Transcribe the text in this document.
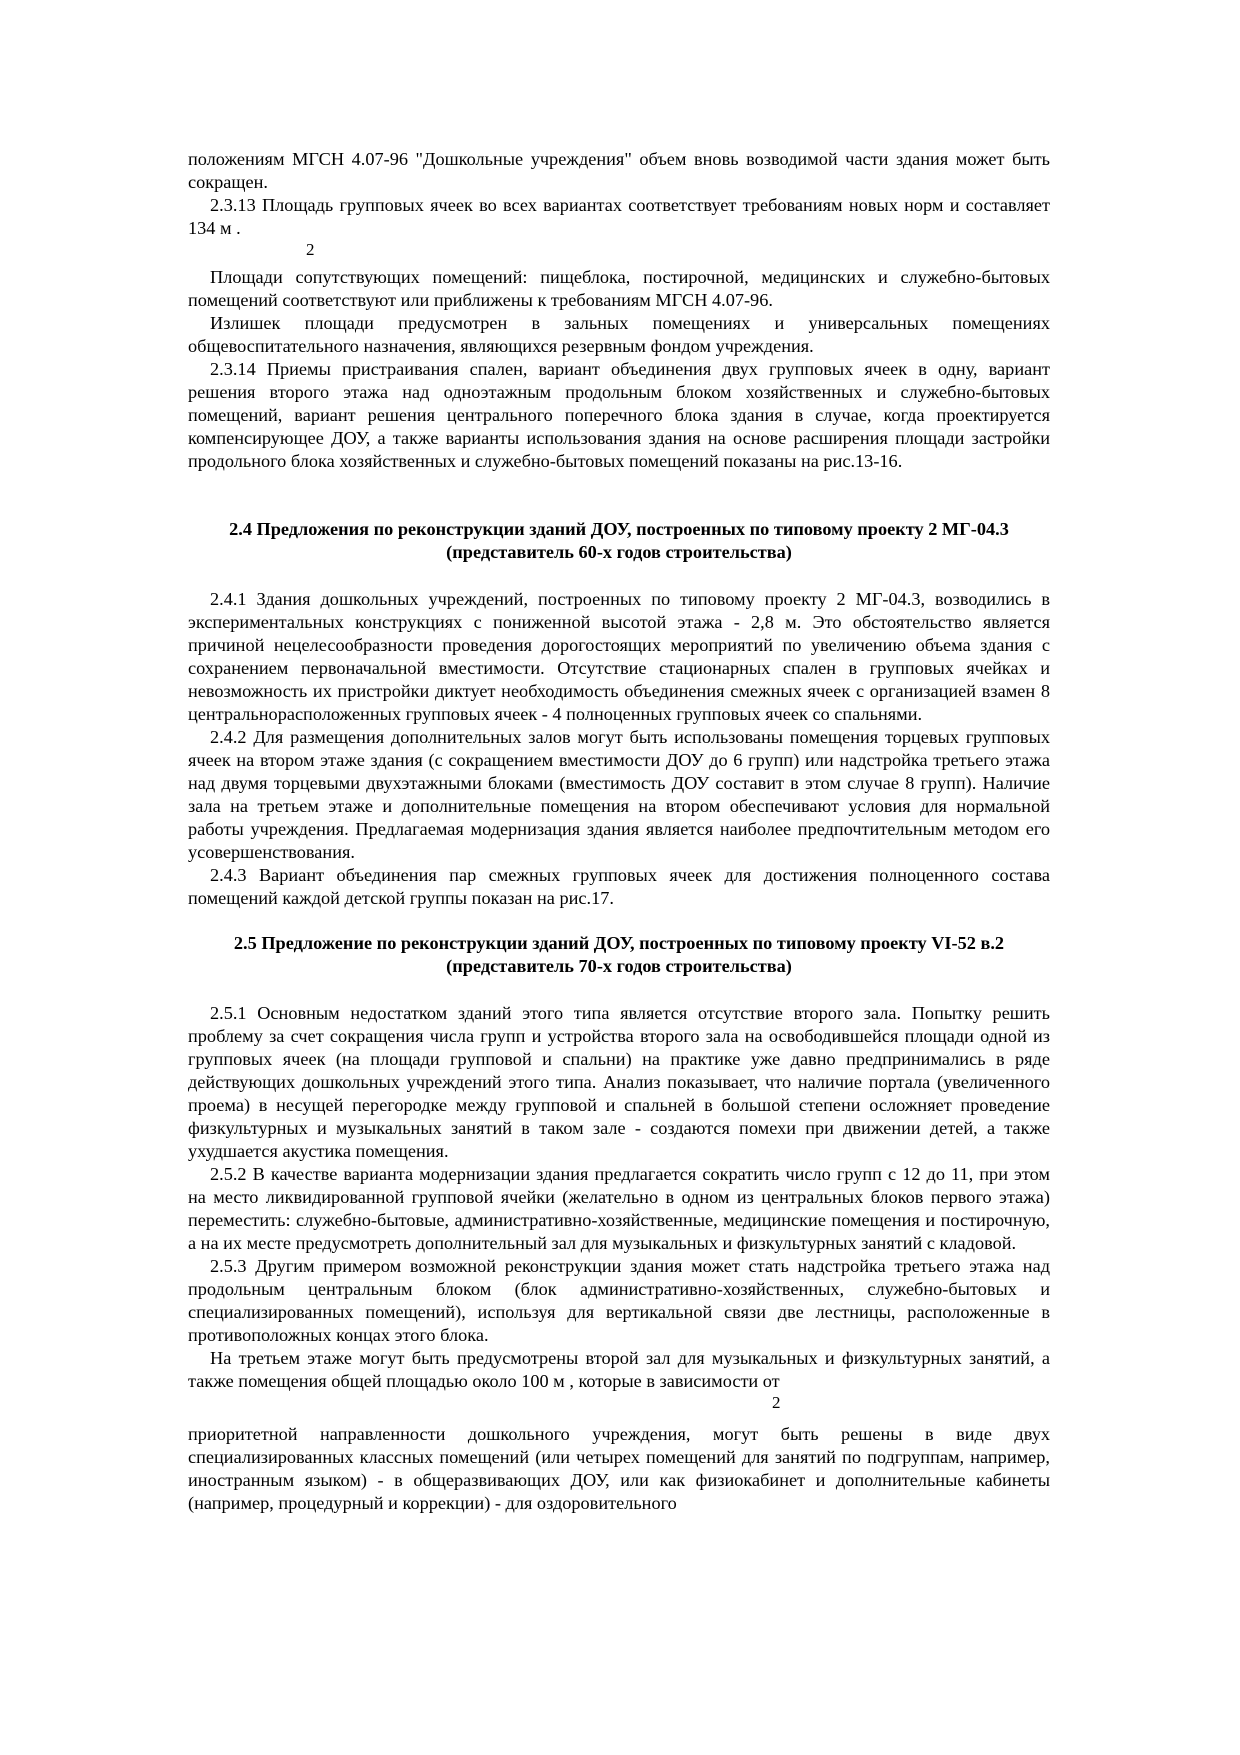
положениям МГСН 4.07-96 "Дошкольные учреждения" объем вновь возводимой части здания может быть сокращен.

2.3.13 Площадь групповых ячеек во всех вариантах соответствует требованиям новых норм и составляет 134 м .

2

Площади сопутствующих помещений: пищеблока, постирочной, медицинских и служебно-бытовых помещений соответствуют или приближены к требованиям МГСН 4.07-96.

Излишек площади предусмотрен в зальных помещениях и универсальных помещениях общевоспитательного назначения, являющихся резервным фондом учреждения.

2.3.14 Приемы пристраивания спален, вариант объединения двух групповых ячеек в одну, вариант решения второго этажа над одноэтажным продольным блоком хозяйственных и служебно-бытовых помещений, вариант решения центрального поперечного блока здания в случае, когда проектируется компенсирующее ДОУ, а также варианты использования здания на основе расширения площади застройки продольного блока хозяйственных и служебно-бытовых помещений показаны на рис.13-16.

2.4 Предложения по реконструкции зданий ДОУ, построенных по типовому проекту 2 МГ-04.3 (представитель 60-х годов строительства)

2.4.1 Здания дошкольных учреждений, построенных по типовому проекту 2 МГ-04.3, возводились в экспериментальных конструкциях с пониженной высотой этажа - 2,8 м. Это обстоятельство является причиной нецелесообразности проведения дорогостоящих мероприятий по увеличению объема здания с сохранением первоначальной вместимости. Отсутствие стационарных спален в групповых ячейках и невозможность их пристройки диктует необходимость объединения смежных ячеек с организацией взамен 8 центральнорасположенных групповых ячеек - 4 полноценных групповых ячеек со спальнями.

2.4.2 Для размещения дополнительных залов могут быть использованы помещения торцевых групповых ячеек на втором этаже здания (с сокращением вместимости ДОУ до 6 групп) или надстройка третьего этажа над двумя торцевыми двухэтажными блоками (вместимость ДОУ составит в этом случае 8 групп). Наличие зала на третьем этаже и дополнительные помещения на втором обеспечивают условия для нормальной работы учреждения. Предлагаемая модернизация здания является наиболее предпочтительным методом его усовершенствования.

2.4.3 Вариант объединения пар смежных групповых ячеек для достижения полноценного состава помещений каждой детской группы показан на рис.17.

2.5 Предложение по реконструкции зданий ДОУ, построенных по типовому проекту VI-52 в.2 (представитель 70-х годов строительства)

2.5.1 Основным недостатком зданий этого типа является отсутствие второго зала. Попытку решить проблему за счет сокращения числа групп и устройства второго зала на освободившейся площади одной из групповых ячеек (на площади групповой и спальни) на практике уже давно предпринимались в ряде действующих дошкольных учреждений этого типа. Анализ показывает, что наличие портала (увеличенного проема) в несущей перегородке между групповой и спальней в большой степени осложняет проведение физкультурных и музыкальных занятий в таком зале - создаются помехи при движении детей, а также ухудшается акустика помещения.

2.5.2 В качестве варианта модернизации здания предлагается сократить число групп с 12 до 11, при этом на место ликвидированной групповой ячейки (желательно в одном из центральных блоков первого этажа) переместить: служебно-бытовые, административно-хозяйственные, медицинские помещения и постирочную, а на их месте предусмотреть дополнительный зал для музыкальных и физкультурных занятий с кладовой.

2.5.3 Другим примером возможной реконструкции здания может стать надстройка третьего этажа над продольным центральным блоком (блок административно-хозяйственных, служебно-бытовых и специализированных помещений), используя для вертикальной связи две лестницы, расположенные в противоположных концах этого блока.

На третьем этаже могут быть предусмотрены второй зал для музыкальных и физкультурных занятий, а также помещения общей площадью около 100 м , которые в зависимости от

2

приоритетной направленности дошкольного учреждения, могут быть решены в виде двух специализированных классных помещений (или четырех помещений для занятий по подгруппам, например, иностранным языком) - в общеразвивающих ДОУ, или как физиокабинет и дополнительные кабинеты (например, процедурный и коррекции) - для оздоровительного
